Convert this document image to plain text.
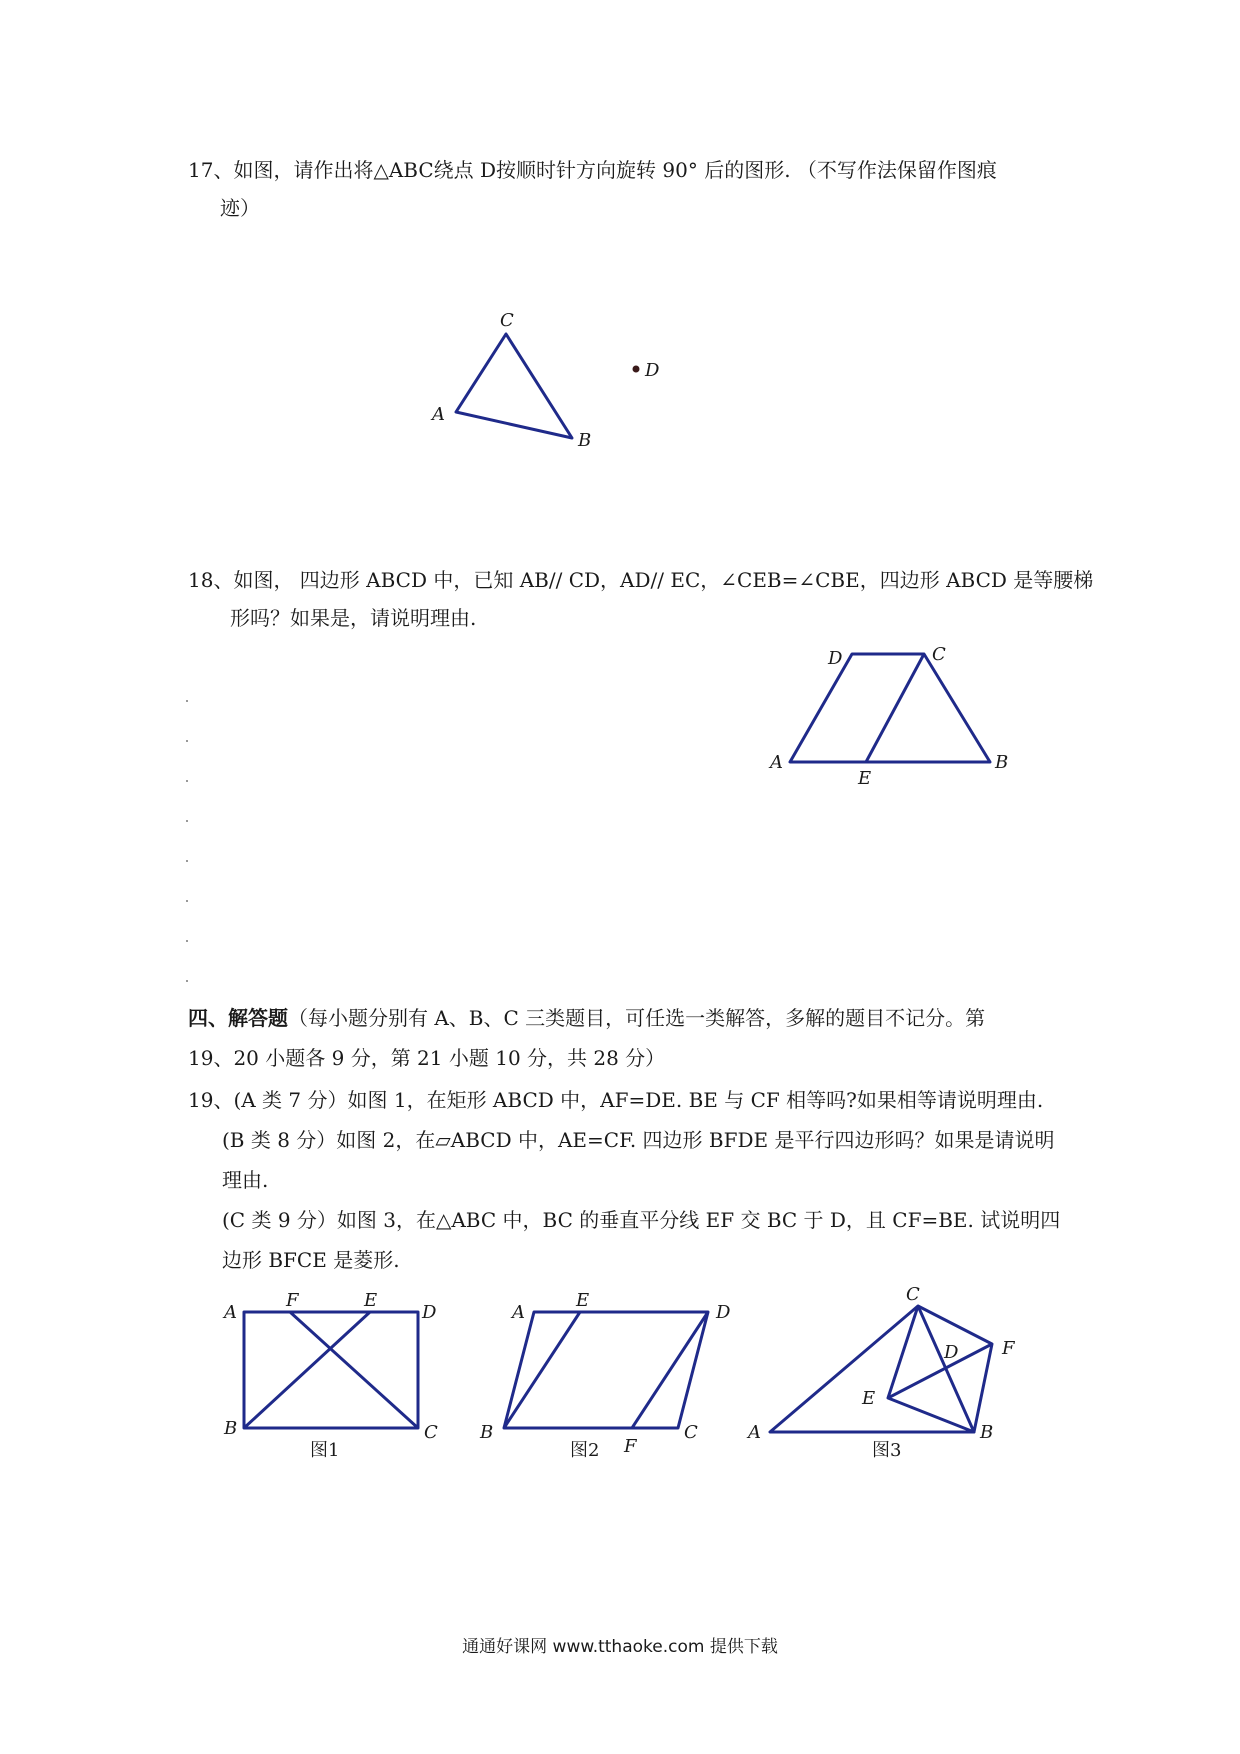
17、如图，请作出将△ABC绕点 D按顺时针方向旋转 90° 后的图形. （不写作法保留作图痕
迹）
C
A
B
D
18、如图， 四边形 ABCD 中，已知 AB// CD，AD// EC，∠CEB=∠CBE，四边形 ABCD 是等腰梯
形吗？如果是，请说明理由.
D	C
A
E
B
四、解答题（每小题分别有 A、B、C 三类题目，可任选一类解答，多解的题目不记分。第
19、20 小题各 9 分，第 21 小题 10 分，共 28 分）
19、(A 类 7 分）如图 1，在矩形 ABCD 中，AF=DE. BE 与 CF 相等吗?如果相等请说明理由.
(B 类 8 分）如图 2，在▱ABCD 中，AE=CF. 四边形 BFDE 是平行四边形吗？如果是请说明
理由.
(C 类 9 分）如图 3，在△ABC 中，BC 的垂直平分线 EF 交 BC 于 D，且 CF=BE. 试说明四
边形 BFCE 是菱形.
A
F	E
D
B	C
图1
A
E
D
B
F
C
图2
C
D F
E
A	B
图3
通通好课网 www.tthaoke.com 提供下载
